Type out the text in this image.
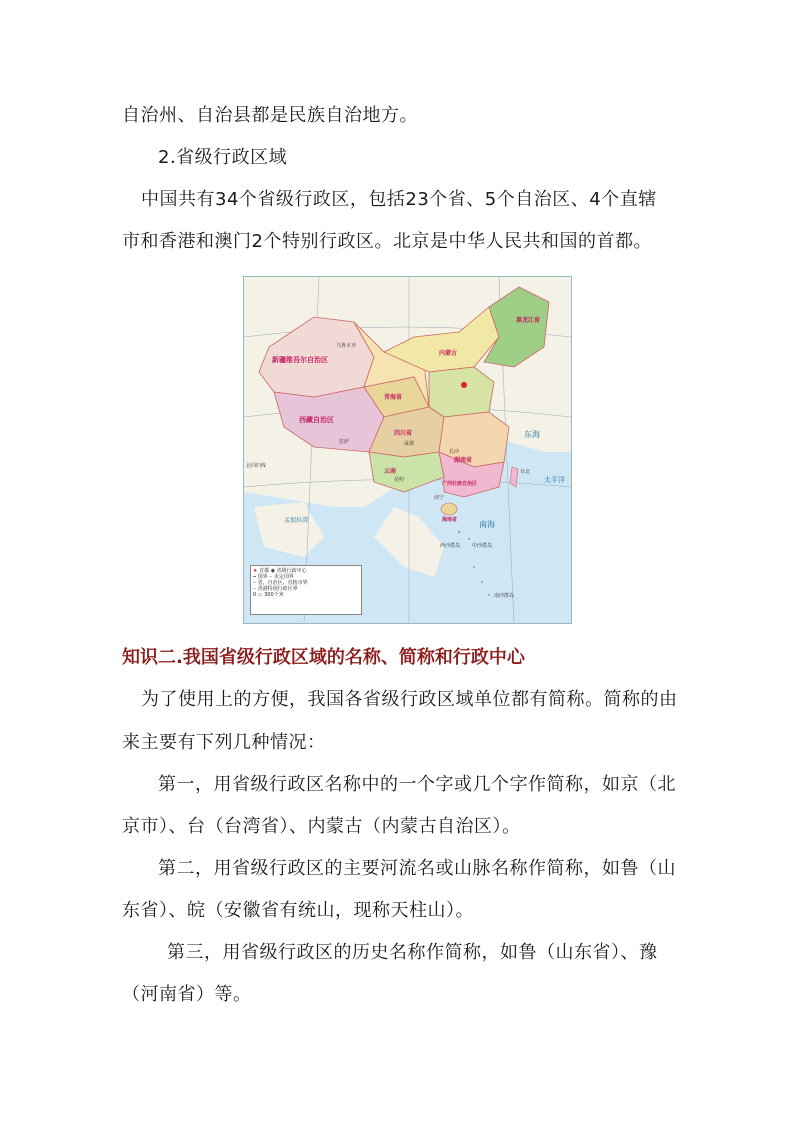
自治州、自治县都是民族自治地方。
2.省级行政区域
中国共有34个省级行政区，包括23个省、5个自治区、4个直辖
市和香港和澳门2个特别行政区。北京是中华人民共和国的首都。
新疆维吾尔自治区
西藏自治区
青海省
内蒙古
黑龙江省
四川省
湖南省
云南
广西壮族自治区
海南省
乌鲁木齐
拉萨	成都
昆明
长沙
南宁
台北
西沙群岛 中沙群岛
南沙群岛
北回归线
东海
南海
孟加拉湾
太平洋
★ 首都 ◉ 省级行政中心
┅ 国界 ┄ 未定国界
╌ 省、自治区、直辖市界
┈ 香港特别行政区界
0 ▭ 300千米
知识二.我国省级行政区域的名称、简称和行政中心
为了使用上的方便，我国各省级行政区域单位都有简称。简称的由
来主要有下列几种情况：
第一，用省级行政区名称中的一个字或几个字作简称，如京（北
京市）、台（台湾省）、内蒙古（内蒙古自治区）。
第二，用省级行政区的主要河流名或山脉名称作简称，如鲁（山
东省）、皖（安徽省有统山，现称天柱山）。
第三，用省级行政区的历史名称作简称，如鲁（山东省）、豫
（河南省）等。
